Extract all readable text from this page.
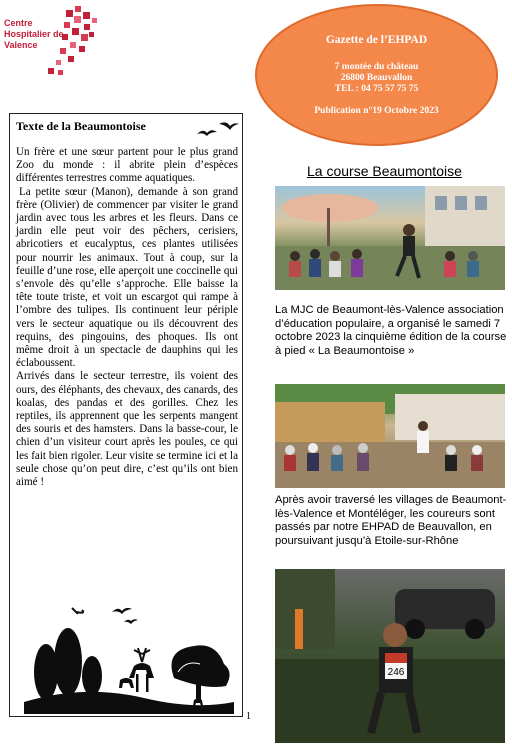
Centre Hospitalier de Valence	Gazette de l’EHPAD
7 montée du château
26800 Beauvallon
TEL : 04 75 57 75 75
Publication n°19 Octobre 2023
Texte de la Beaumontoise

Un frère et une sœur partent pour le plus grand Zoo du monde : il abrite plein d’espèces différentes terrestres comme aquatiques.

La petite sœur (Manon), demande à son grand frère (Olivier) de commencer par visiter le grand jardin avec tous les arbres et les fleurs. Dans ce jardin elle peut voir des pêchers, cerisiers, abricotiers et eucalyptus, ces plantes utilisées pour nourrir les animaux. Tout à coup, sur la feuille d’une rose, elle aperçoit une coccinelle qui s’envole dès qu’elle s’approche. Elle baisse la tête toute triste, et voit un escargot qui rampe à l’ombre des tulipes. Ils continuent leur périple vers le secteur aquatique ou ils découvrent des requins, des pingouins, des phoques. Ils ont même droit à un spectacle de dauphins qui les éclaboussent.

Arrivés dans le secteur terrestre, ils voient des ours, des éléphants, des chevaux, des canards, des koalas, des pandas et des gorilles. Chez les reptiles, ils apprennent que les serpents mangent des souris et des hamsters. Dans la basse-cour, le chien d’un visiteur court après les poules, ce qui les fait bien rigoler. Leur visite se termine ici et la seule chose qu’on peut dire, c’est qu’ils ont bien aimé !

1
La course Beaumontoise
La MJC de Beaumont-lès-Valence association d’éducation populaire, a organisé le samedi 7 octobre 2023 la cinquième édition de la course à pied « La Beaumontoise »
Après avoir traversé les villages de Beaumont-lès-Valence et Montéléger, les coureurs sont passés par notre EHPAD de Beauvallon, en poursuivant jusqu’à Etoile-sur-Rhône
246
